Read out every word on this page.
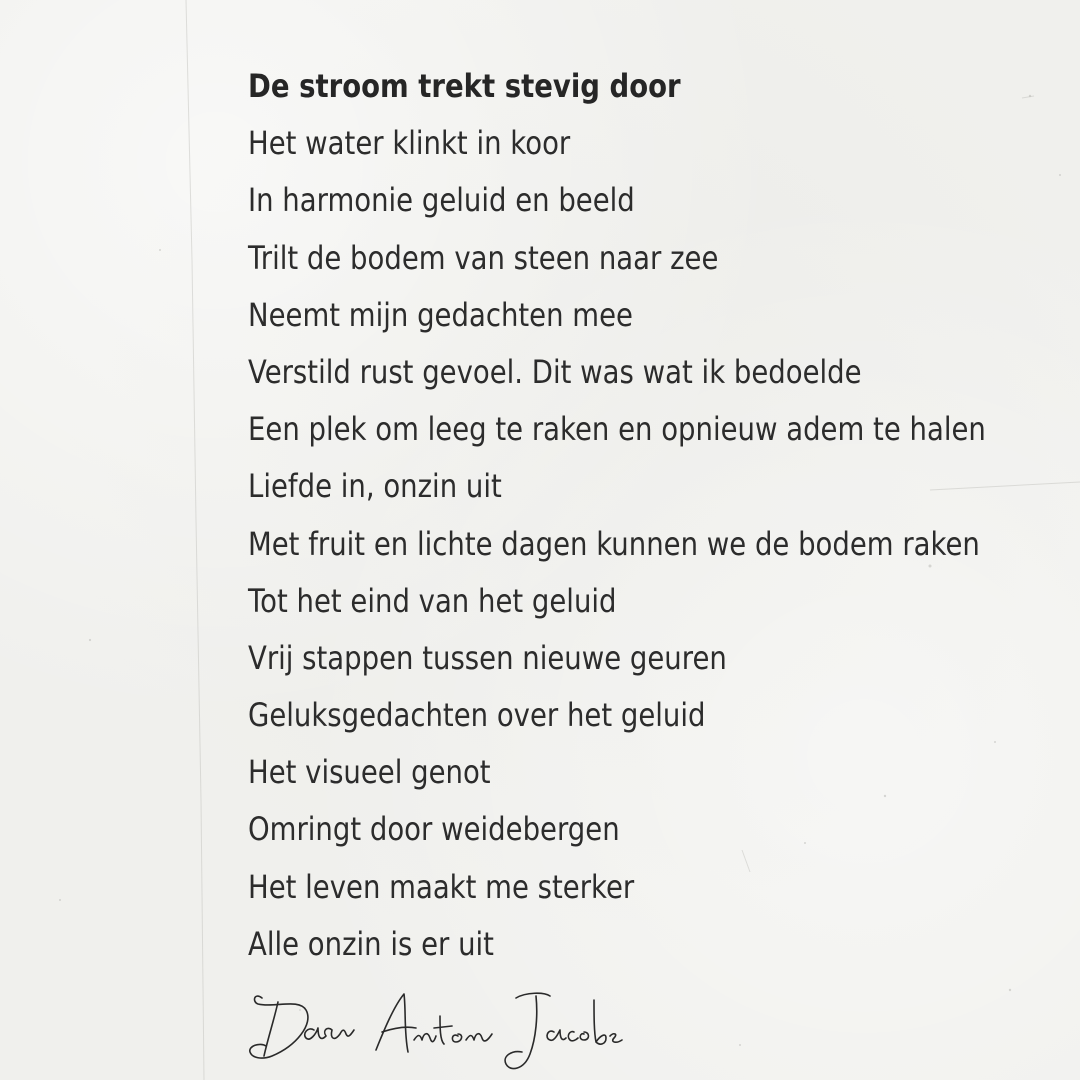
De stroom trekt stevig door
Het water klinkt in koor
In harmonie geluid en beeld
Trilt de bodem van steen naar zee
Neemt mijn gedachten mee
Verstild rust gevoel. Dit was wat ik bedoelde
Een plek om leeg te raken en opnieuw adem te halen
Liefde in, onzin uit
Met fruit en lichte dagen kunnen we de bodem raken
Tot het eind van het geluid
Vrij stappen tussen nieuwe geuren
Geluksgedachten over het geluid
Het visueel genot
Omringt door weidebergen
Het leven maakt me sterker
Alle onzin is er uit
